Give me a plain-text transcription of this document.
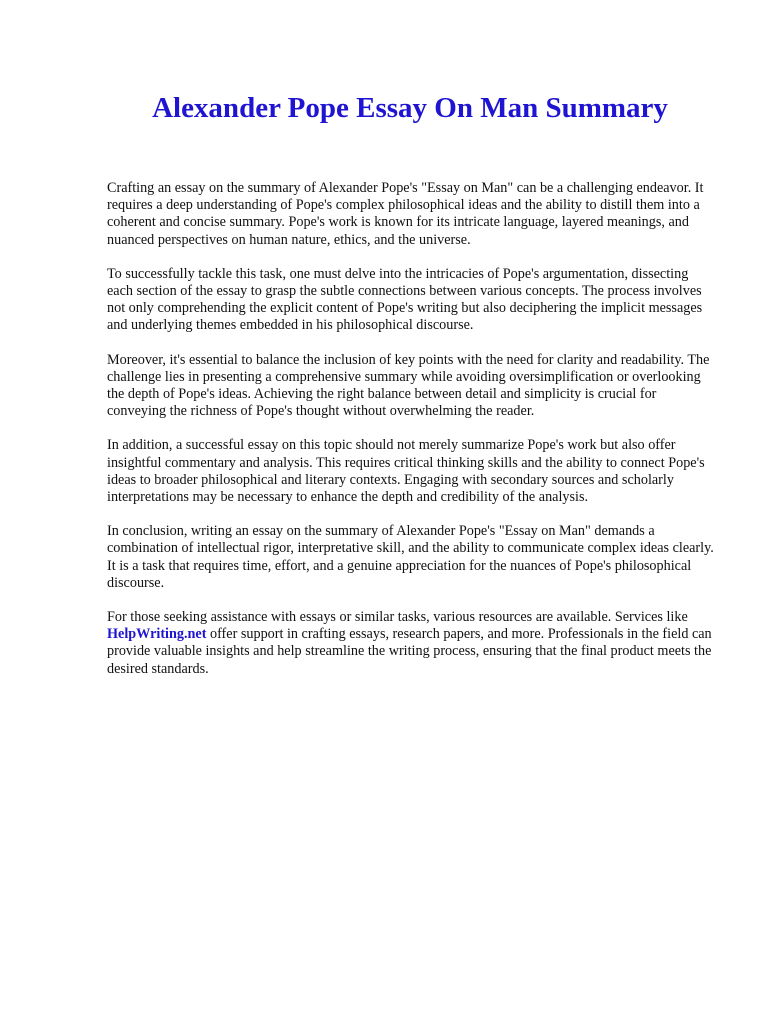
Alexander Pope Essay On Man Summary

Crafting an essay on the summary of Alexander Pope's "Essay on Man" can be a challenging endeavor. It requires a deep understanding of Pope's complex philosophical ideas and the ability to distill them into a coherent and concise summary. Pope's work is known for its intricate language, layered meanings, and nuanced perspectives on human nature, ethics, and the universe.

To successfully tackle this task, one must delve into the intricacies of Pope's argumentation, dissecting each section of the essay to grasp the subtle connections between various concepts. The process involves not only comprehending the explicit content of Pope's writing but also deciphering the implicit messages and underlying themes embedded in his philosophical discourse.

Moreover, it's essential to balance the inclusion of key points with the need for clarity and readability. The challenge lies in presenting a comprehensive summary while avoiding oversimplification or overlooking the depth of Pope's ideas. Achieving the right balance between detail and simplicity is crucial for conveying the richness of Pope's thought without overwhelming the reader.

In addition, a successful essay on this topic should not merely summarize Pope's work but also offer insightful commentary and analysis. This requires critical thinking skills and the ability to connect Pope's ideas to broader philosophical and literary contexts. Engaging with secondary sources and scholarly interpretations may be necessary to enhance the depth and credibility of the analysis.

In conclusion, writing an essay on the summary of Alexander Pope's "Essay on Man" demands a combination of intellectual rigor, interpretative skill, and the ability to communicate complex ideas clearly. It is a task that requires time, effort, and a genuine appreciation for the nuances of Pope's philosophical discourse.

For those seeking assistance with essays or similar tasks, various resources are available. Services like HelpWriting.net offer support in crafting essays, research papers, and more. Professionals in the field can provide valuable insights and help streamline the writing process, ensuring that the final product meets the desired standards.
